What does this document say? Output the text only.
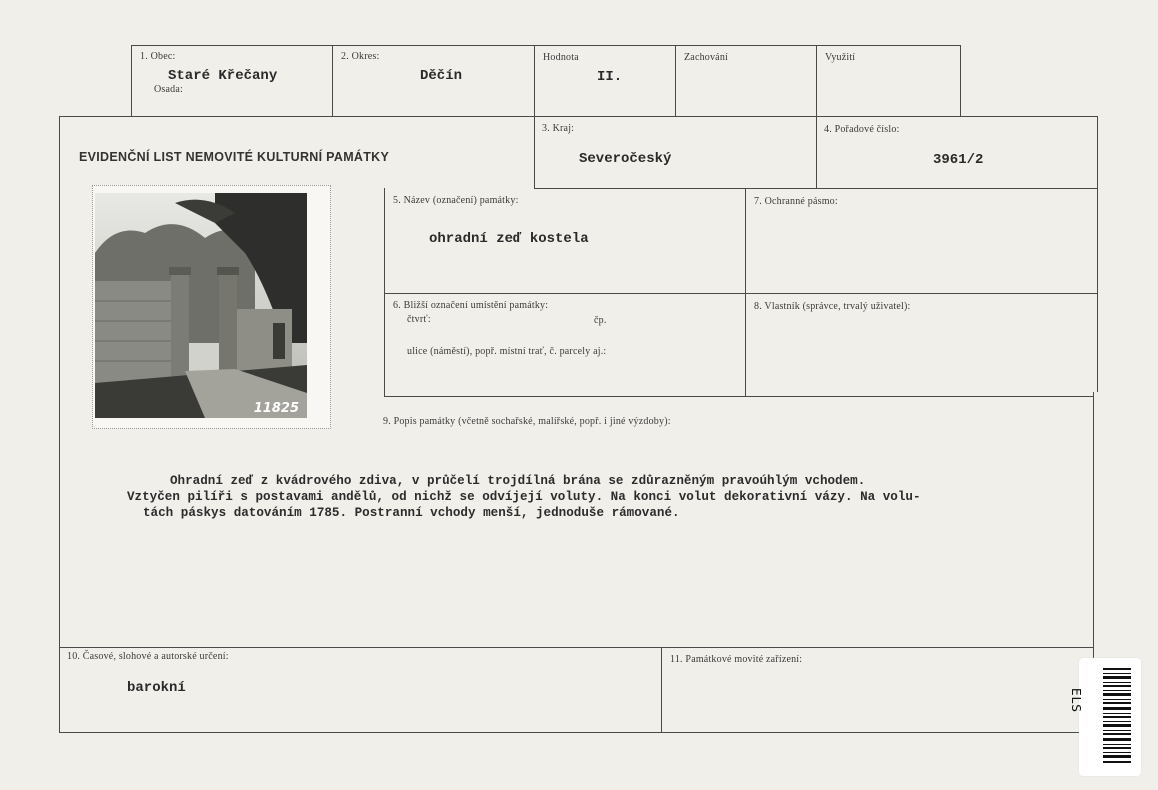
1. Obec:
Staré Křečany
Osada:
2. Okres:
Děčín
Hodnota
II.
Zachování	Využití
EVIDENČNÍ LIST NEMOVITÉ KULTURNÍ PAMÁTKY
3. Kraj:
Severočeský
4. Pořadové číslo:
3961/2
5. Název (označení) památky:
ohradní zeď kostela
7. Ochranné pásmo:
6. Bližší označení umístění památky:
čtvrť:	čp.
ulice (náměstí), popř. místní trať, č. parcely aj.:
8. Vlastník (správce, trvalý uživatel):
9. Popis památky (včetně sochařské, malířské, popř. i jiné výzdoby):
Ohradní zeď z kvádrového zdiva, v průčelí trojdílná brána se zdůrazněným pravoúhlým vchodem.
Vztyčen pilíři s postavami andělů, od nichž se odvíjejí voluty. Na konci volut dekorativní vázy. Na volu-
tách páskys datováním 1785. Postranní vchody menší, jednoduše rámované.
10. Časové, slohové a autorské určení:
barokní
11. Památkové movité zařízení:
11825
ELS
